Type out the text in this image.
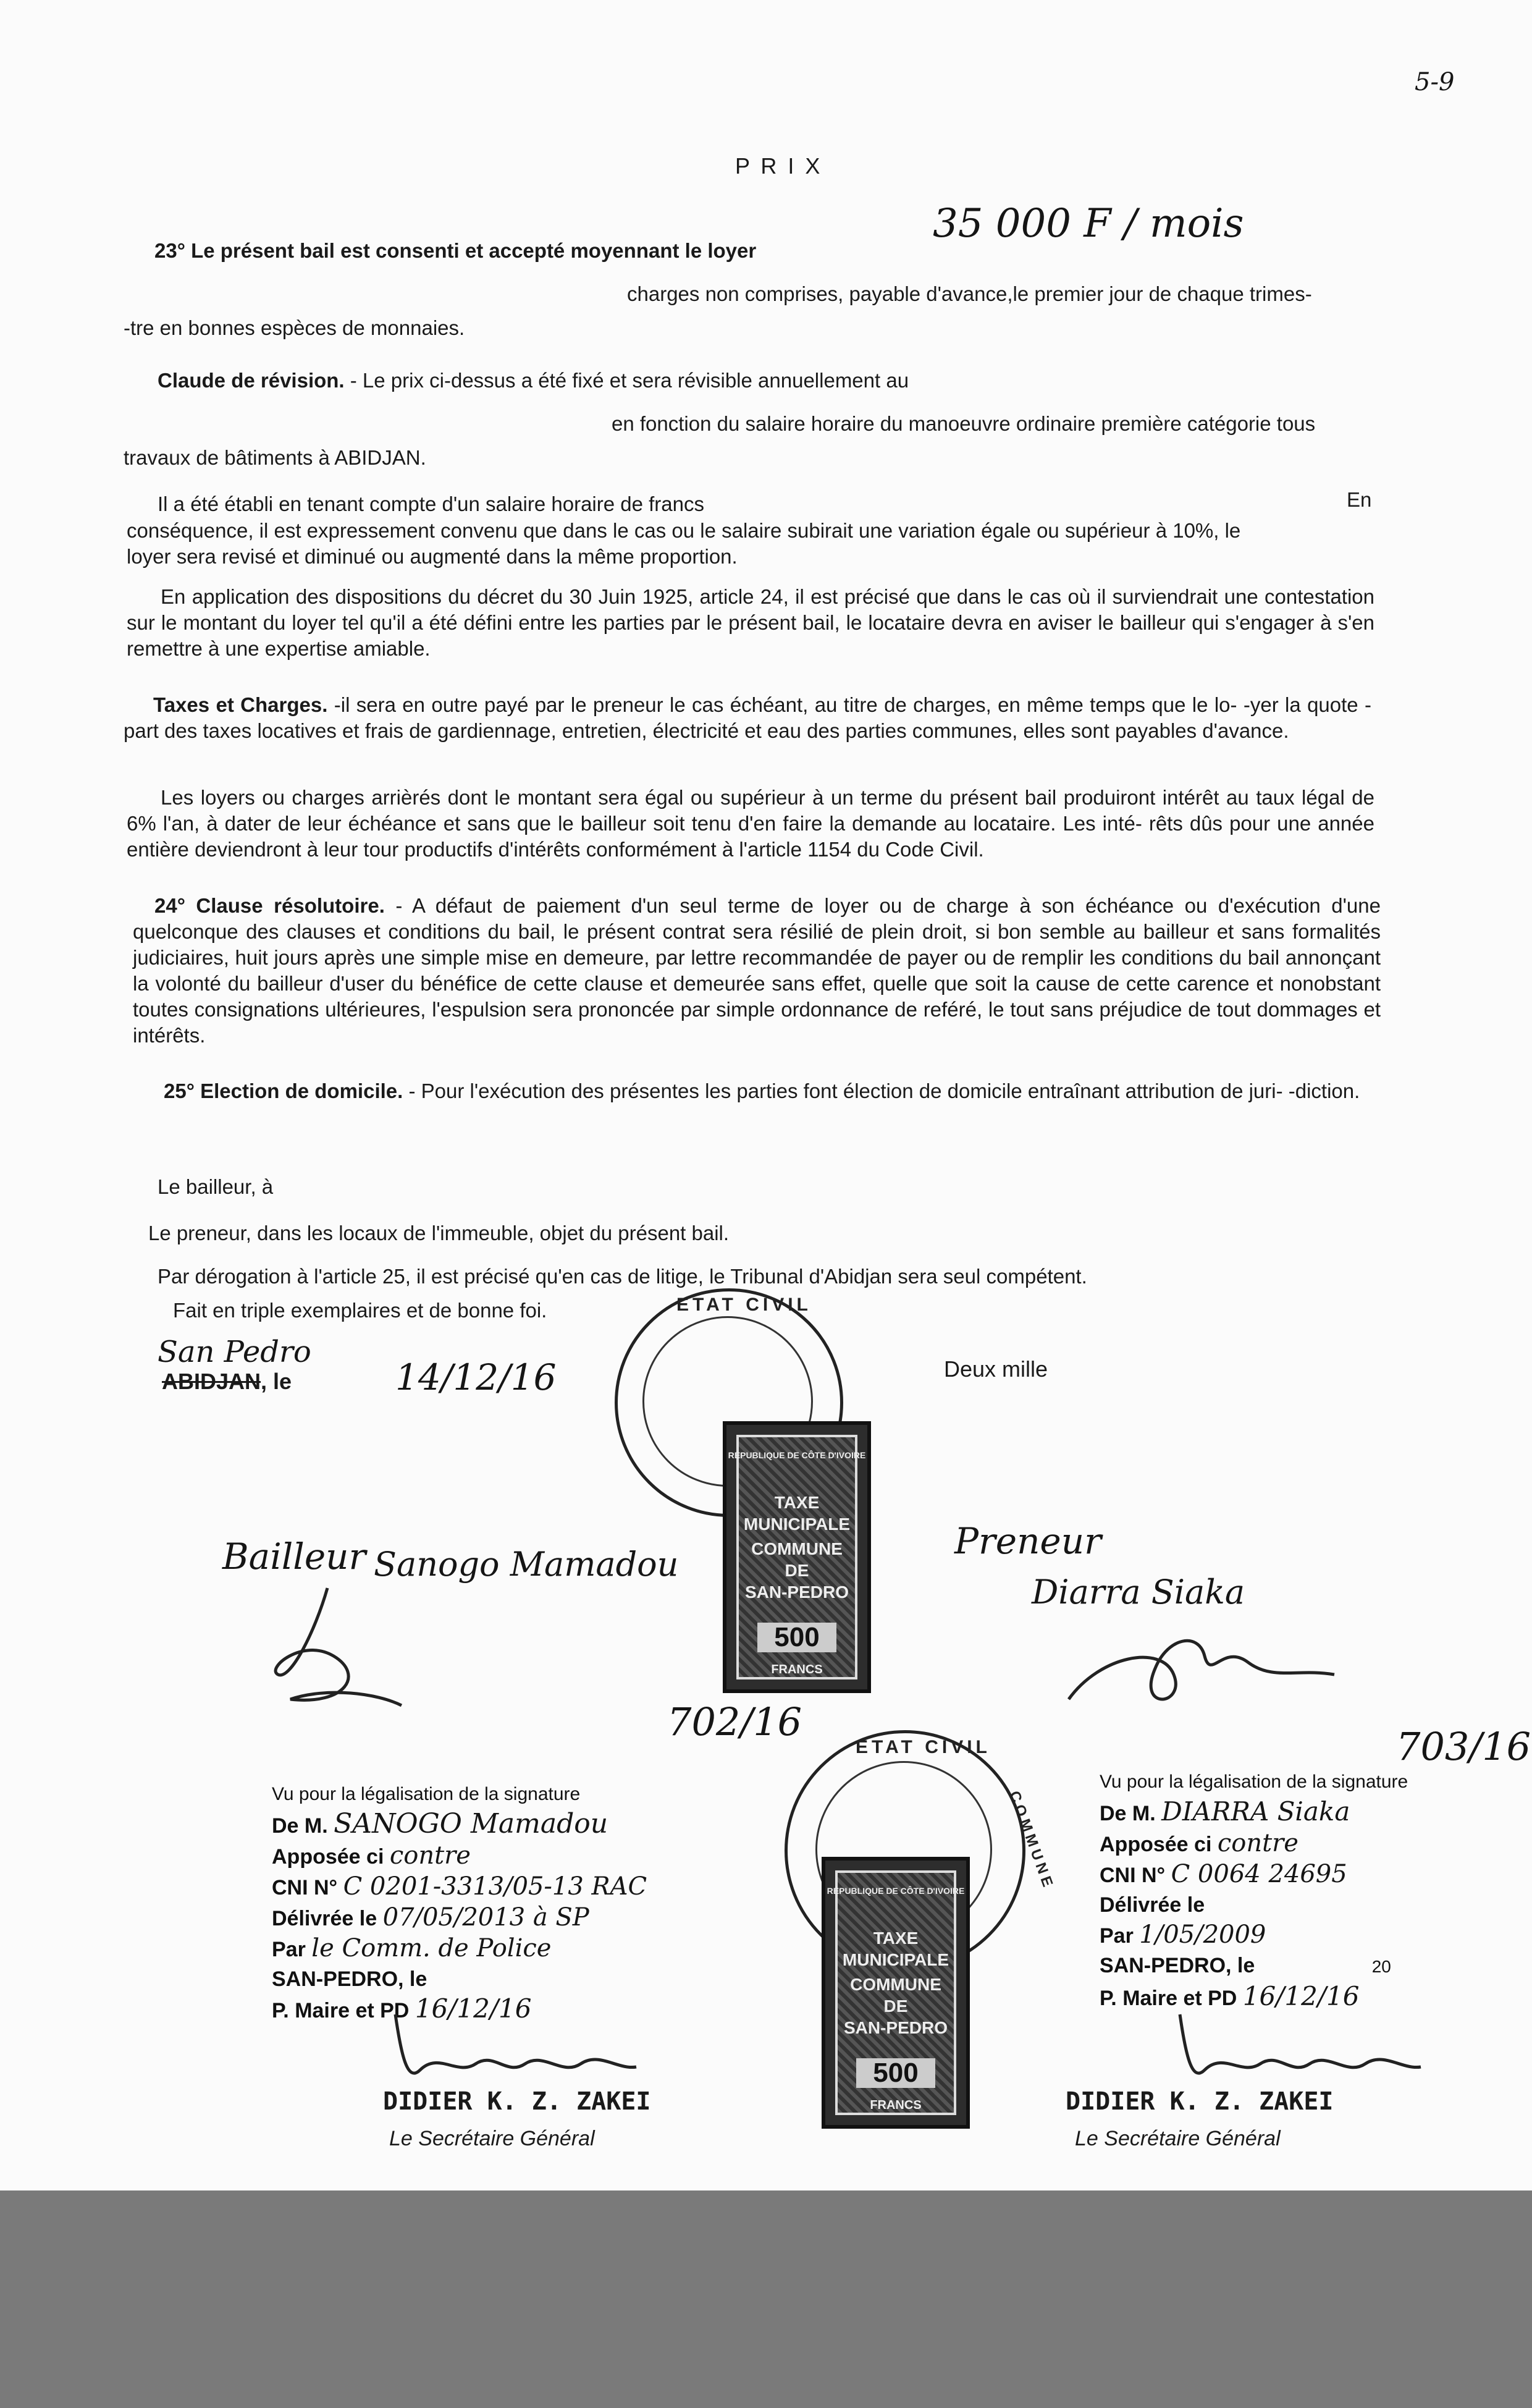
5-9
P R I X
23° Le présent bail est consenti et accepté moyennant le loyer
35 000 F / mois
charges non comprises, payable d'avance,le premier jour de chaque trimes-
-tre en bonnes espèces de monnaies.
Claude de révision. - Le prix ci-dessus a été fixé et sera révisible annuellement au
en fonction du salaire horaire du manoeuvre ordinaire première catégorie tous
travaux de bâtiments à ABIDJAN.
Il a été établi en tenant compte d'un salaire horaire de francs	En
conséquence, il est expressement convenu que dans le cas ou le salaire subirait une variation égale ou supérieur à 10%, le
loyer sera revisé et diminué ou augmenté dans la même proportion.
En application des dispositions du décret du 30 Juin 1925, article 24, il est précisé que dans le cas où il surviendrait une contestation sur le montant du loyer tel qu'il a été défini entre les parties par le présent bail, le locataire devra en aviser le bailleur qui s'engager à s'en remettre à une expertise amiable.
Taxes et Charges. -il sera en outre payé par le preneur le cas échéant, au titre de charges, en même temps que le lo- -yer la quote - part des taxes locatives et frais de gardiennage, entretien, électricité et eau des parties communes, elles sont payables d'avance.
Les loyers ou charges arrièrés dont le montant sera égal ou supérieur à un terme du présent bail produiront intérêt au taux légal de 6% l'an, à dater de leur échéance et sans que le bailleur soit tenu d'en faire la demande au locataire. Les inté- rêts dûs pour une année entière deviendront à leur tour productifs d'intérêts conformément à l'article 1154 du Code Civil.
24° Clause résolutoire. - A défaut de paiement d'un seul terme de loyer ou de charge à son échéance ou d'exécution d'une quelconque des clauses et conditions du bail, le présent contrat sera résilié de plein droit, si bon semble au bailleur et sans formalités judiciaires, huit jours après une simple mise en demeure, par lettre recommandée de payer ou de remplir les conditions du bail annonçant la volonté du bailleur d'user du bénéfice de cette clause et demeurée sans effet, quelle que soit la cause de cette carence et nonobstant toutes consignations ultérieures, l'espulsion sera prononcée par simple ordonnance de reféré, le tout sans préjudice de tout dommages et intérêts.
25° Election de domicile. - Pour l'exécution des présentes les parties font élection de domicile entraînant attribution de juri- -diction.
Le bailleur, à
Le preneur, dans les locaux de l'immeuble, objet du présent bail.
Par dérogation à l'article 25, il est précisé qu'en cas de litige, le Tribunal d'Abidjan sera seul compétent.
Fait en triple exemplaires et de bonne foi.
San Pedro
ABIDJAN, le	14/12/16	Deux mille
ETAT CIVIL
RÉPUBLIQUE DE CÔTE D'IVOIRE
TAXE
MUNICIPALE
COMMUNE
DE
SAN-PEDRO
500
FRANCS
Bailleur Sanogo Mamadou
Preneur
Diarra Siaka
ETAT CIVIL
COMMUNE
RÉPUBLIQUE DE CÔTE D'IVOIRE
TAXE
MUNICIPALE
COMMUNE
DE
SAN-PEDRO
500
FRANCS
702/16
Vu pour la légalisation de la signature
De M. SANOGO Mamadou
Apposée ci contre
CNI N° C 0201-3313/05-13 RAC
Délivrée le 07/05/2013 à SP
Par le Comm. de Police
SAN-PEDRO, le
P. Maire et PD 16/12/16
DIDIER K. Z. ZAKEI
Le Secrétaire Général
703/16
Vu pour la légalisation de la signature
De M. DIARRA Siaka
Apposée ci contre
CNI N° C 0064 24695
Délivrée le
Par 1/05/2009
SAN-PEDRO, le	20
P. Maire et PD 16/12/16
DIDIER K. Z. ZAKEI
Le Secrétaire Général
